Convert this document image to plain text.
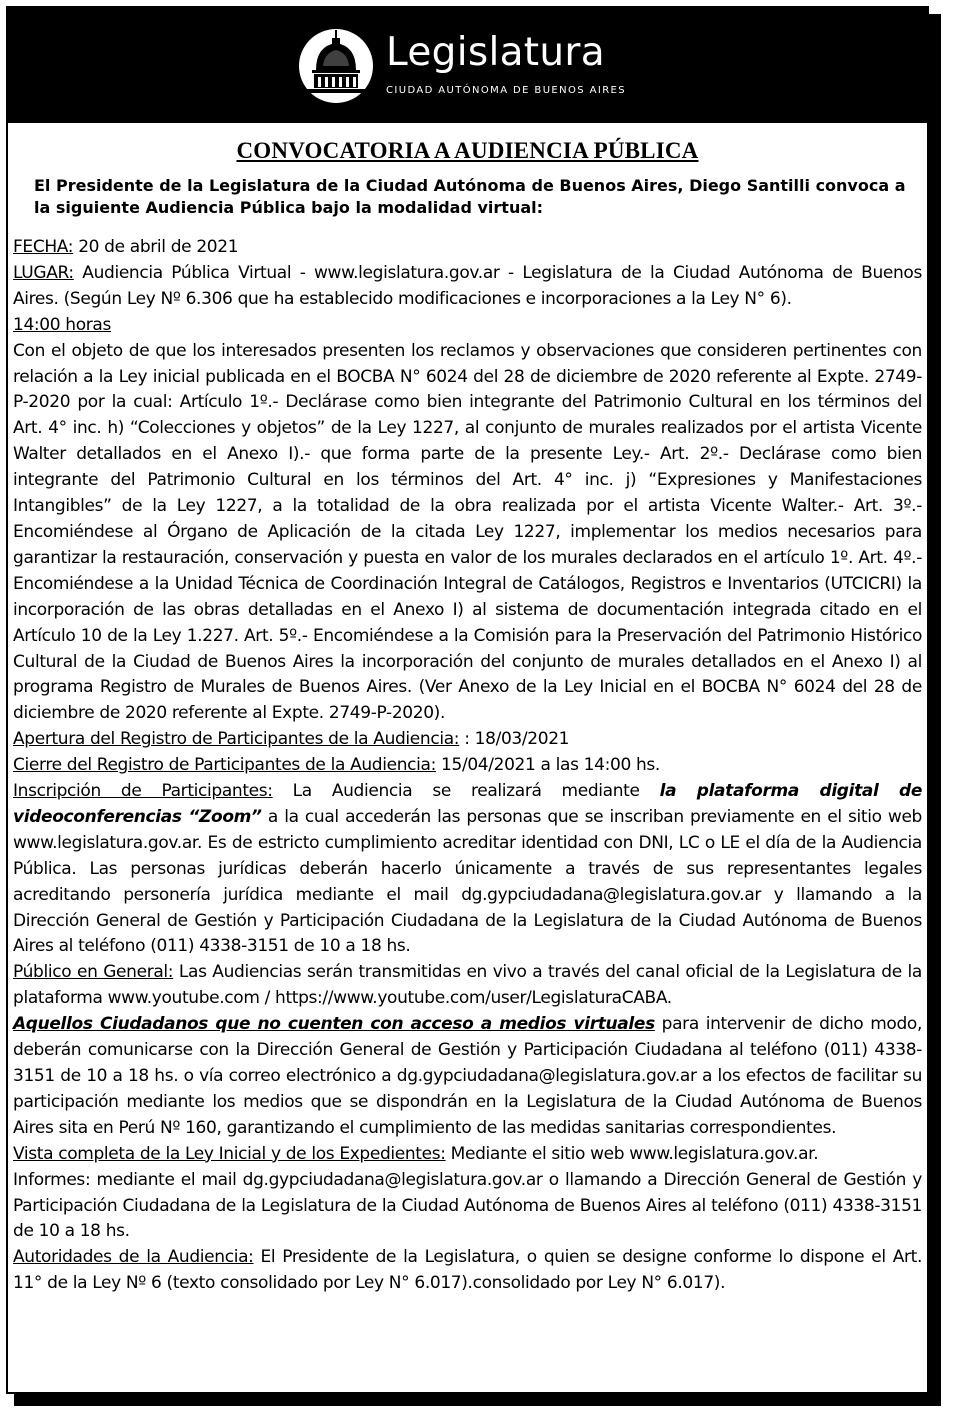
Legislatura
CIUDAD AUTÓNOMA DE BUENOS AIRES
CONVOCATORIA A AUDIENCIA PÚBLICA
El Presidente de la Legislatura de la Ciudad Autónoma de Buenos Aires, Diego Santilli convoca a la siguiente Audiencia Pública bajo la modalidad virtual:

FECHA: 20 de abril de 2021

LUGAR: Audiencia Pública Virtual - www.legislatura.gov.ar - Legislatura de la Ciudad Autónoma de Buenos Aires. (Según Ley Nº 6.306 que ha establecido modificaciones e incorporaciones a la Ley N° 6).

14:00 horas

Con el objeto de que los interesados presenten los reclamos y observaciones que consideren pertinentes con relación a la Ley inicial publicada en el BOCBA N° 6024 del 28 de diciembre de 2020 referente al Expte. 2749-P-2020 por la cual: Artículo 1º.- Declárase como bien integrante del Patrimonio Cultural en los términos del Art. 4° inc. h) “Colecciones y objetos” de la Ley 1227, al conjunto de murales realizados por el artista Vicente Walter detallados en el Anexo I).- que forma parte de la presente Ley.- Art. 2º.- Declárase como bien integrante del Patrimonio Cultural en los términos del Art. 4° inc. j) “Expresiones y Manifestaciones Intangibles” de la Ley 1227, a la totalidad de la obra realizada por el artista Vicente Walter.- Art. 3º.- Encomiéndese al Órgano de Aplicación de la citada Ley 1227, implementar los medios necesarios para garantizar la restauración, conservación y puesta en valor de los murales declarados en el artículo 1º. Art. 4º.- Encomiéndese a la Unidad Técnica de Coordinación Integral de Catálogos, Registros e Inventarios (UTCICRI) la incorporación de las obras detalladas en el Anexo I) al sistema de documentación integrada citado en el Artículo 10 de la Ley 1.227. Art. 5º.- Encomiéndese a la Comisión para la Preservación del Patrimonio Histórico Cultural de la Ciudad de Buenos Aires la incorporación del conjunto de murales detallados en el Anexo I) al programa Registro de Murales de Buenos Aires. (Ver Anexo de la Ley Inicial en el BOCBA N° 6024 del 28 de diciembre de 2020 referente al Expte. 2749-P-2020).

Apertura del Registro de Participantes de la Audiencia: : 18/03/2021

Cierre del Registro de Participantes de la Audiencia: 15/04/2021 a las 14:00 hs.

Inscripción de Participantes: La Audiencia se realizará mediante la plataforma digital de videoconferencias “Zoom” a la cual accederán las personas que se inscriban previamente en el sitio web www.legislatura.gov.ar. Es de estricto cumplimiento acreditar identidad con DNI, LC o LE el día de la Audiencia Pública. Las personas jurídicas deberán hacerlo únicamente a través de sus representantes legales acreditando personería jurídica mediante el mail dg.gypciudadana@legislatura.gov.ar y llamando a la Dirección General de Gestión y Participación Ciudadana de la Legislatura de la Ciudad Autónoma de Buenos Aires al teléfono (011) 4338-3151 de 10 a 18 hs.

Público en General: Las Audiencias serán transmitidas en vivo a través del canal oficial de la Legislatura de la plataforma www.youtube.com / https://www.youtube.com/user/LegislaturaCABA.

Aquellos Ciudadanos que no cuenten con acceso a medios virtuales para intervenir de dicho modo, deberán comunicarse con la Dirección General de Gestión y Participación Ciudadana al teléfono (011) 4338-3151 de 10 a 18 hs. o vía correo electrónico a dg.gypciudadana@legislatura.gov.ar a los efectos de facilitar su participación mediante los medios que se dispondrán en la Legislatura de la Ciudad Autónoma de Buenos Aires sita en Perú Nº 160, garantizando el cumplimiento de las medidas sanitarias correspondientes.

Vista completa de la Ley Inicial y de los Expedientes: Mediante el sitio web www.legislatura.gov.ar.

Informes: mediante el mail dg.gypciudadana@legislatura.gov.ar o llamando a Dirección General de Gestión y Participación Ciudadana de la Legislatura de la Ciudad Autónoma de Buenos Aires al teléfono (011) 4338-3151 de 10 a 18 hs.

Autoridades de la Audiencia: El Presidente de la Legislatura, o quien se designe conforme lo dispone el Art. 11° de la Ley Nº 6 (texto consolidado por Ley N° 6.017).consolidado por Ley N° 6.017).
